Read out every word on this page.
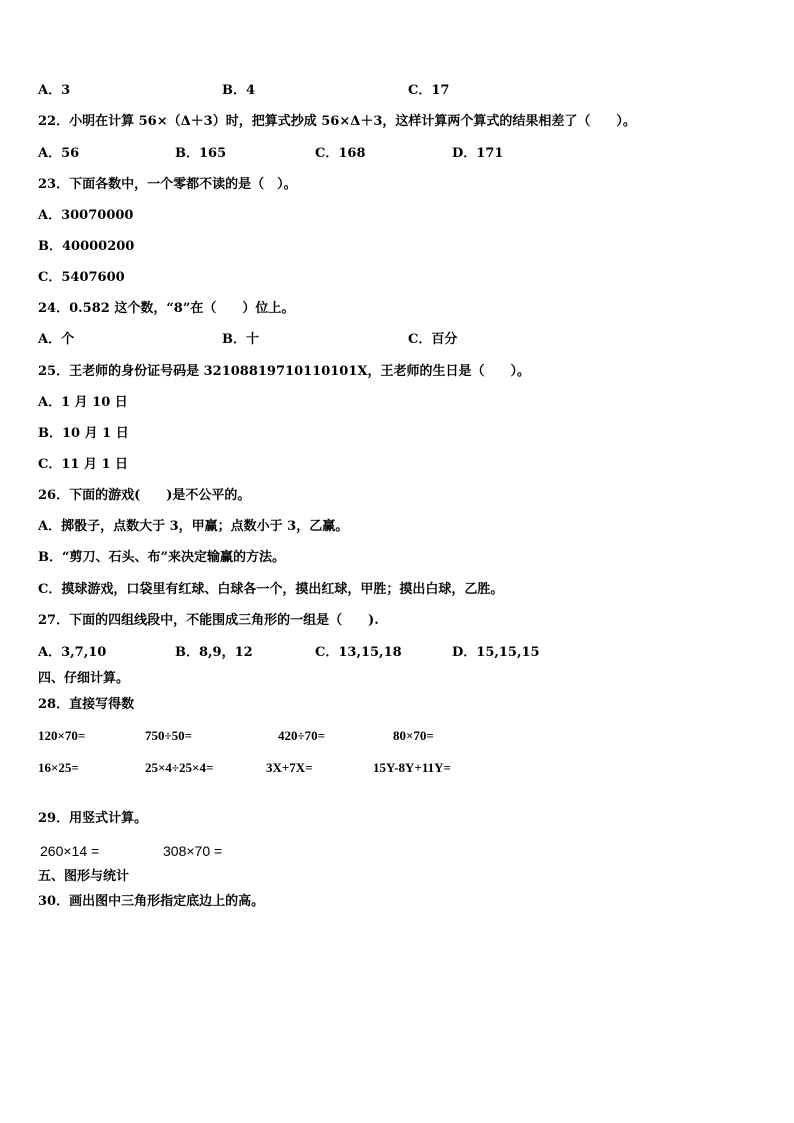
A．3	B．4	C．17
22．小明在计算 56×（Δ＋3）时，把算式抄成 56×Δ＋3，这样计算两个算式的结果相差了（　　）。
A．56	B．165	C．168	D．171
23．下面各数中，一个零都不读的是（　）。
A．30070000
B．40000200
C．5407600
24．0.582 这个数，“8”在（　　）位上。
A．个	B．十	C．百分
25．王老师的身份证号码是 32108819710110101X，王老师的生日是（　　）。
A．1 月 10 日
B．10 月 1 日
C．11 月 1 日
26．下面的游戏(　　)是不公平的。
A．掷骰子，点数大于 3，甲赢；点数小于 3，乙赢。
B．“剪刀、石头、布”来决定输赢的方法。
C．摸球游戏，口袋里有红球、白球各一个，摸出红球，甲胜；摸出白球，乙胜。
27．下面的四组线段中，不能围成三角形的一组是（　　).
A．3,7,10	B．8,9，12	C．13,15,18	D．15,15,15
四、仔细计算。
28．直接写得数
120×70=	750÷50=	420÷70=	80×70=
16×25=	25×4÷25×4=	3X+7X=	15Y-8Y+11Y=
29．用竖式计算。
260×14 =	308×70 =
五、图形与统计
30．画出图中三角形指定底边上的高。
